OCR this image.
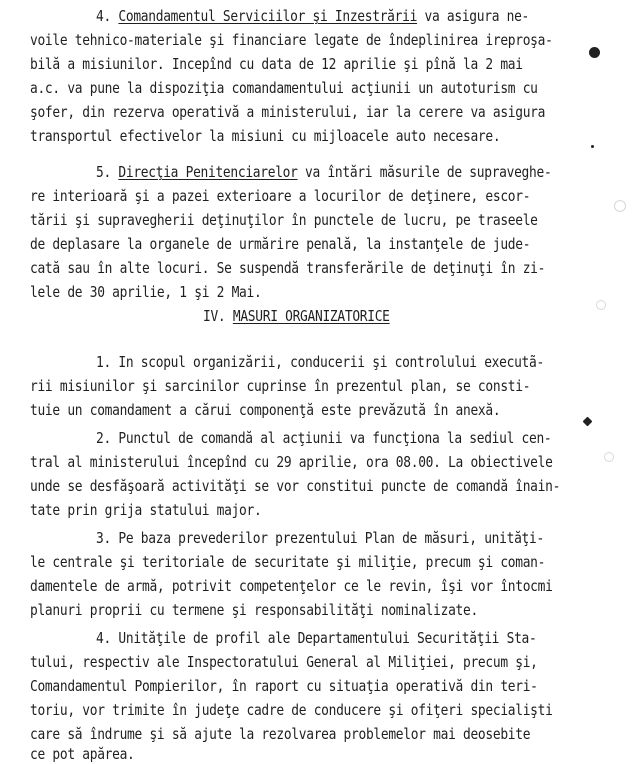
4. Comandamentul Serviciilor şi Inzestrării va asigura ne-
voile tehnico-materiale şi financiare legate de îndeplinirea ireproşa-
bilă a misiunilor. Incepînd cu data de 12 aprilie şi pînă la 2 mai
a.c. va pune la dispoziţia comandamentului acţiunii un autoturism cu
şofer, din rezerva operativă a ministerului, iar la cerere va asigura
transportul efectivelor la misiuni cu mijloacele auto necesare.
5. Direcţia Penitenciarelor va întări măsurile de supraveghe-
re interioară şi a pazei exterioare a locurilor de deţinere, escor-
tării şi supravegherii deţinuţilor în punctele de lucru, pe traseele
de deplasare la organele de urmărire penală, la instanţele de jude-
cată sau în alte locuri. Se suspendă transferările de deţinuţi în zi-
lele de 30 aprilie, 1 şi 2 Mai.
IV. MASURI ORGANIZATORICE
1. In scopul organizării, conducerii şi controlului executã-
rii misiunilor şi sarcinilor cuprinse în prezentul plan, se consti-
tuie un comandament a cărui componenţă este prevăzută în anexă.
2. Punctul de comandă al acţiunii va funcţiona la sediul cen-
tral al ministerului începînd cu 29 aprilie, ora 08.00. La obiectivele
unde se desfăşoară activităţi se vor constitui puncte de comandă înain-
tate prin grija statului major.
3. Pe baza prevederilor prezentului Plan de măsuri, unităţi-
le centrale şi teritoriale de securitate şi miliţie, precum şi coman-
damentele de armă, potrivit competenţelor ce le revin, îşi vor întocmi
planuri proprii cu termene şi responsabilităţi nominalizate.
4. Unităţile de profil ale Departamentului Securităţii Sta-
tului, respectiv ale Inspectoratului General al Miliţiei, precum şi,
Comandamentul Pompierilor, în raport cu situaţia operativă din teri-
toriu, vor trimite în judeţe cadre de conducere şi ofiţeri specialişti
care să îndrume şi să ajute la rezolvarea problemelor mai deosebite
ce pot apărea.
